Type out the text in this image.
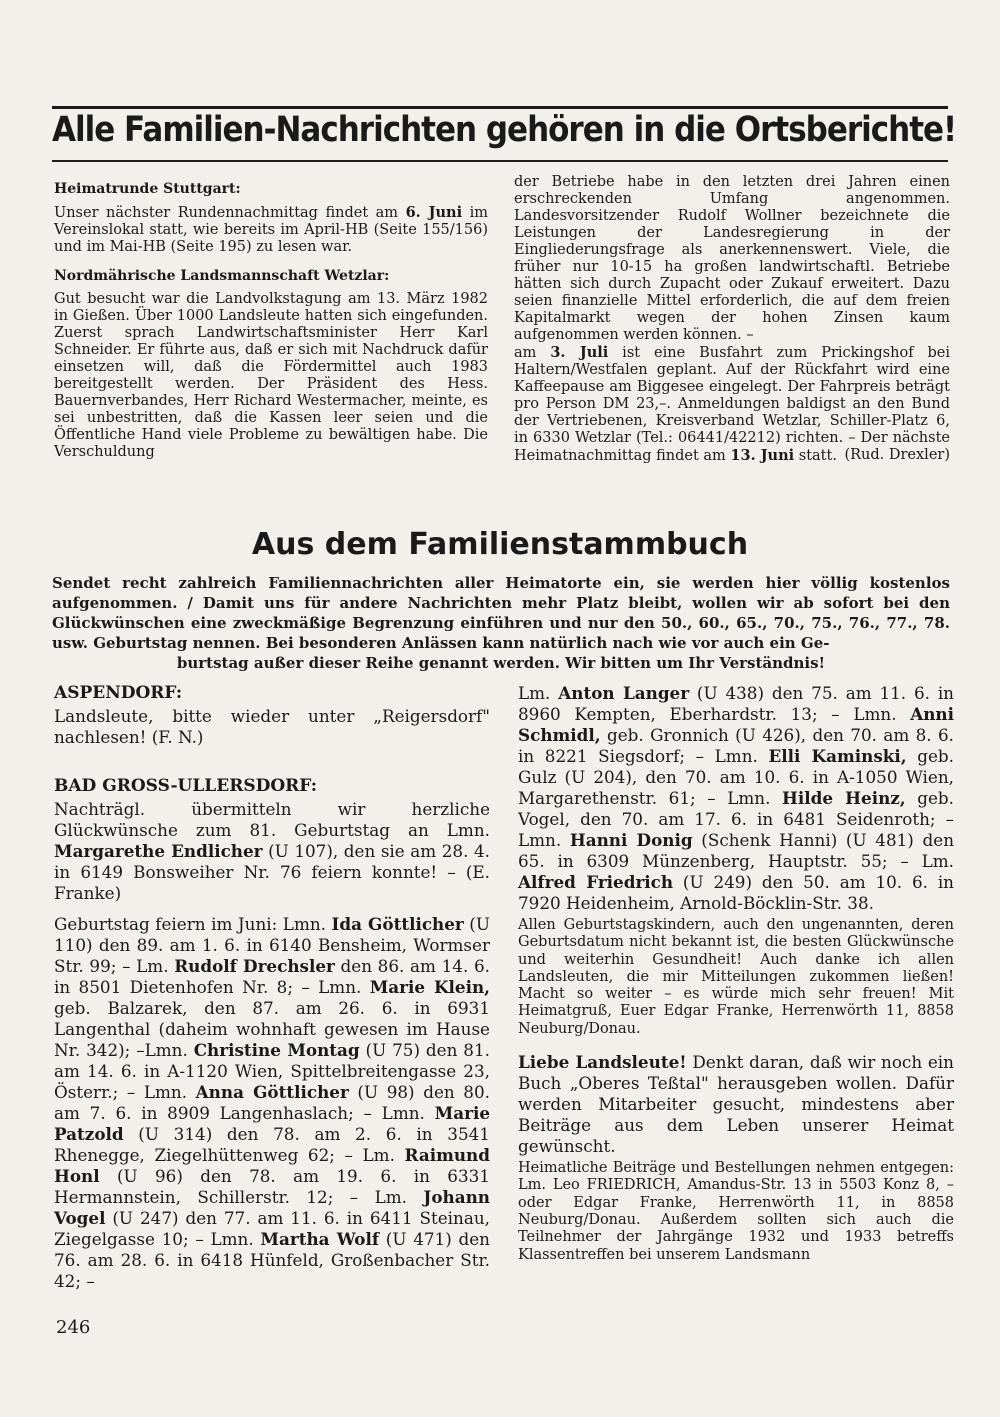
Alle Familien-Nachrichten gehören in die Ortsberichte!

Heimatrunde Stuttgart:

Unser nächster Rundennachmittag findet am 6. Juni im Vereinslokal statt, wie bereits im April-HB (Seite 155/156) und im Mai-HB (Seite 195) zu lesen war.

Nordmährische Landsmannschaft Wetzlar:

Gut besucht war die Landvolkstagung am 13. März 1982 in Gießen. Über 1000 Landsleute hatten sich eingefunden. Zuerst sprach Landwirtschaftsminister Herr Karl Schneider. Er führte aus, daß er sich mit Nachdruck dafür einsetzen will, daß die Fördermittel auch 1983 bereitgestellt werden. Der Präsident des Hess. Bauernverbandes, Herr Richard Westermacher, meinte, es sei unbestritten, daß die Kassen leer seien und die Öffentliche Hand viele Probleme zu bewältigen habe. Die Verschuldung

der Betriebe habe in den letzten drei Jahren einen erschreckenden Umfang angenommen. Landesvorsitzender Rudolf Wollner bezeichnete die Leistungen der Landesregierung in der Eingliederungsfrage als anerkennenswert. Viele, die früher nur 10-15 ha großen landwirtschaftl. Betriebe hätten sich durch Zupacht oder Zukauf erweitert. Dazu seien finanzielle Mittel erforderlich, die auf dem freien Kapitalmarkt wegen der hohen Zinsen kaum aufgenommen werden können. –

am 3. Juli ist eine Busfahrt zum Prickingshof bei Haltern/Westfalen geplant. Auf der Rückfahrt wird eine Kaffeepause am Biggesee eingelegt. Der Fahrpreis beträgt pro Person DM 23,–. Anmeldungen baldigst an den Bund der Vertriebenen, Kreisverband Wetzlar, Schiller-Platz 6, in 6330 Wetzlar (Tel.: 06441/42212) richten. – Der nächste Heimatnachmittag findet am 13. Juni statt. (Rud. Drexler)

Aus dem Familienstammbuch
Sendet recht zahlreich Familiennachrichten aller Heimatorte ein, sie werden hier völlig kostenlos aufgenommen. / Damit uns für andere Nachrichten mehr Platz bleibt, wollen wir ab sofort bei den Glückwünschen eine zweckmäßige Begrenzung einführen und nur den 50., 60., 65., 70., 75., 76., 77., 78. usw. Geburtstag nennen. Bei besonderen Anlässen kann natürlich nach wie vor auch ein Ge-
burtstag außer dieser Reihe genannt werden. Wir bitten um Ihr Verständnis!

ASPENDORF:

Landsleute, bitte wieder unter „Reigersdorf" nachlesen! (F. N.)

BAD GROSS-ULLERSDORF:

Nachträgl. übermitteln wir herzliche Glückwünsche zum 81. Geburtstag an Lmn. Margarethe Endlicher (U 107), den sie am 28. 4. in 6149 Bonsweiher Nr. 76 feiern konnte! – (E. Franke)

Geburtstag feiern im Juni: Lmn. Ida Göttlicher (U 110) den 89. am 1. 6. in 6140 Bensheim, Wormser Str. 99; – Lm. Rudolf Drechsler den 86. am 14. 6. in 8501 Dietenhofen Nr. 8; – Lmn. Marie Klein, geb. Balzarek, den 87. am 26. 6. in 6931 Langenthal (daheim wohnhaft gewesen im Hause Nr. 342); –Lmn. Christine Montag (U 75) den 81. am 14. 6. in A-1120 Wien, Spittelbreitengasse 23, Österr.; – Lmn. Anna Göttlicher (U 98) den 80. am 7. 6. in 8909 Langenhaslach; – Lmn. Marie Patzold (U 314) den 78. am 2. 6. in 3541 Rhenegge, Ziegelhüttenweg 62; – Lm. Raimund Honl (U 96) den 78. am 19. 6. in 6331 Hermannstein, Schillerstr. 12; – Lm. Johann Vogel (U 247) den 77. am 11. 6. in 6411 Steinau, Ziegelgasse 10; – Lmn. Martha Wolf (U 471) den 76. am 28. 6. in 6418 Hünfeld, Großenbacher Str. 42; –

Lm. Anton Langer (U 438) den 75. am 11. 6. in 8960 Kempten, Eberhardstr. 13; – Lmn. Anni Schmidl, geb. Gronnich (U 426), den 70. am 8. 6. in 8221 Siegsdorf; – Lmn. Elli Kaminski, geb. Gulz (U 204), den 70. am 10. 6. in A-1050 Wien, Margarethenstr. 61; – Lmn. Hilde Heinz, geb. Vogel, den 70. am 17. 6. in 6481 Seidenroth; – Lmn. Hanni Donig (Schenk Hanni) (U 481) den 65. in 6309 Münzenberg, Hauptstr. 55; – Lm. Alfred Friedrich (U 249) den 50. am 10. 6. in 7920 Heidenheim, Arnold-Böcklin-Str. 38.

Allen Geburtstagskindern, auch den ungenannten, deren Geburtsdatum nicht bekannt ist, die besten Glückwünsche und weiterhin Gesundheit! Auch danke ich allen Landsleuten, die mir Mitteilungen zukommen ließen! Macht so weiter – es würde mich sehr freuen! Mit Heimatgruß, Euer Edgar Franke, Herrenwörth 11, 8858 Neuburg/Donau.

Liebe Landsleute! Denkt daran, daß wir noch ein Buch „Oberes Teßtal" herausgeben wollen. Dafür werden Mitarbeiter gesucht, mindestens aber Beiträge aus dem Leben unserer Heimat gewünscht.

Heimatliche Beiträge und Bestellungen nehmen entgegen: Lm. Leo FRIEDRICH, Amandus-Str. 13 in 5503 Konz 8, – oder Edgar Franke, Herrenwörth 11, in 8858 Neuburg/Donau. Außerdem sollten sich auch die Teilnehmer der Jahrgänge 1932 und 1933 betreffs Klassentreffen bei unserem Landsmann

246
